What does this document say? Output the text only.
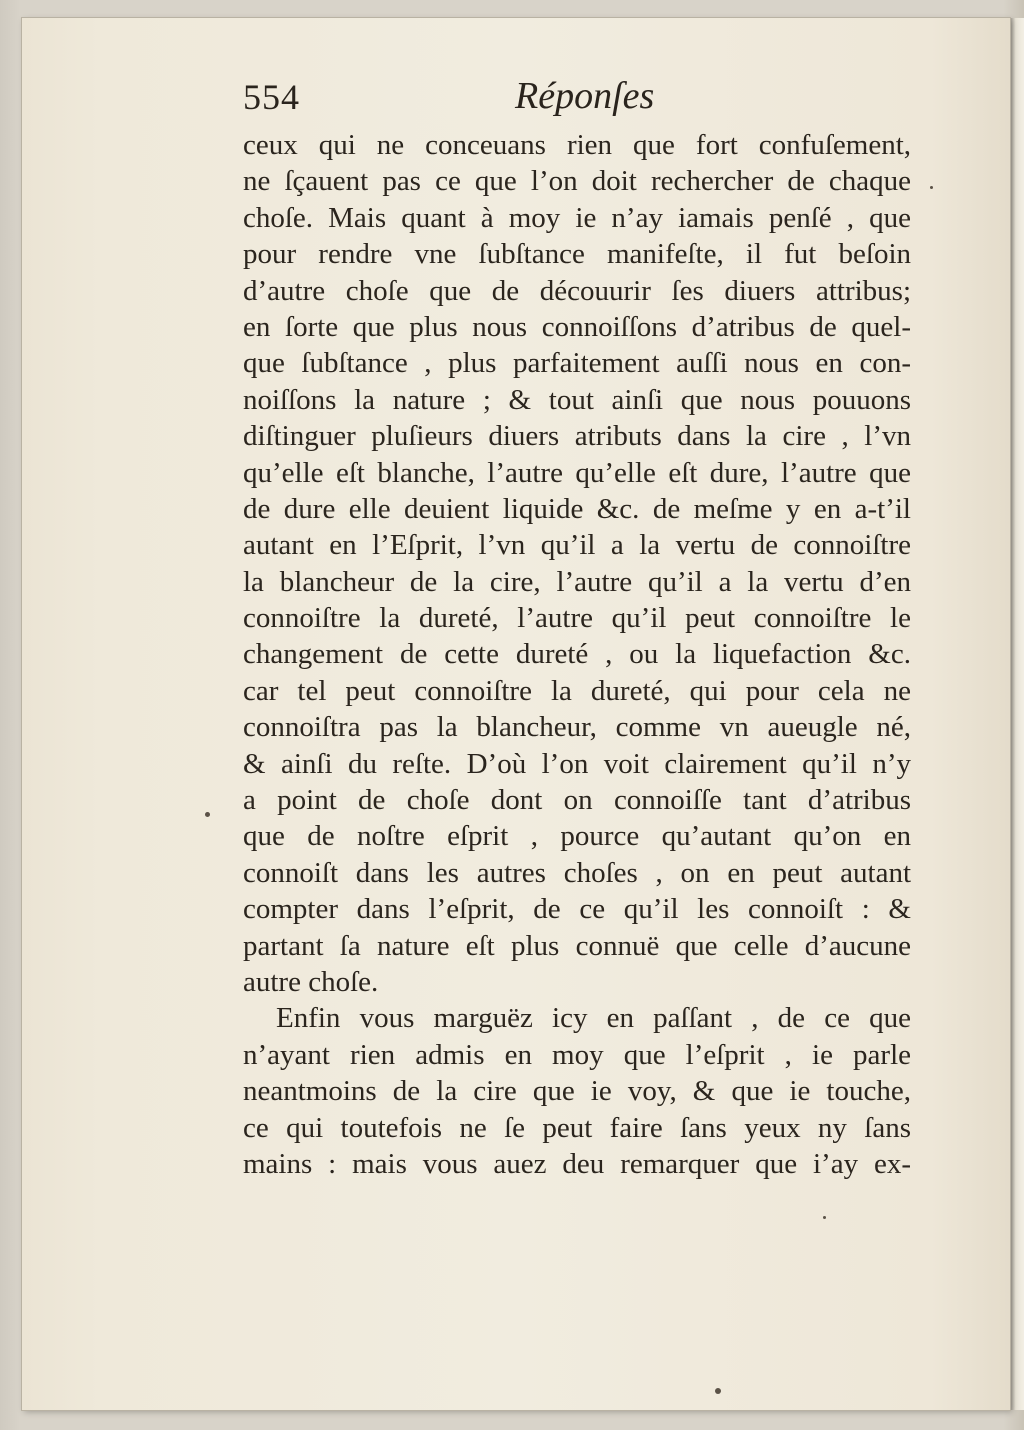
554	Réponſes
ceux qui ne conceuans rien que fort confuſement,
ne ſçauent pas ce que l’on doit rechercher de chaque
choſe. Mais quant à moy ie n’ay iamais penſé , que
pour rendre vne ſubſtance manifeſte, il fut beſoin
d’autre choſe que de découurir ſes diuers attribus;
en ſorte que plus nous connoiſſons d’atribus de quel-
que ſubſtance , plus parfaitement auſſi nous en con-
noiſſons la nature ; & tout ainſi que nous pouuons
diſtinguer pluſieurs diuers atributs dans la cire , l’vn
qu’elle eſt blanche, l’autre qu’elle eſt dure, l’autre que
de dure elle deuient liquide &c. de meſme y en a-t’il
autant en l’Eſprit, l’vn qu’il a la vertu de connoiſtre
la blancheur de la cire, l’autre qu’il a la vertu d’en
connoiſtre la dureté, l’autre qu’il peut connoiſtre le
changement de cette dureté , ou la liquefaction &c.
car tel peut connoiſtre la dureté, qui pour cela ne
connoiſtra pas la blancheur, comme vn aueugle né,
& ainſi du reſte. D’où l’on voit clairement qu’il n’y
a point de choſe dont on connoiſſe tant d’atribus
que de noſtre eſprit , pource qu’autant qu’on en
connoiſt dans les autres choſes , on en peut autant
compter dans l’eſprit, de ce qu’il les connoiſt : &
partant ſa nature eſt plus connuë que celle d’aucune
autre choſe.
Enfin vous marguëz icy en paſſant , de ce que
n’ayant rien admis en moy que l’eſprit , ie parle
neantmoins de la cire que ie voy, & que ie touche,
ce qui toutefois ne ſe peut faire ſans yeux ny ſans
mains : mais vous auez deu remarquer que i’ay ex-
